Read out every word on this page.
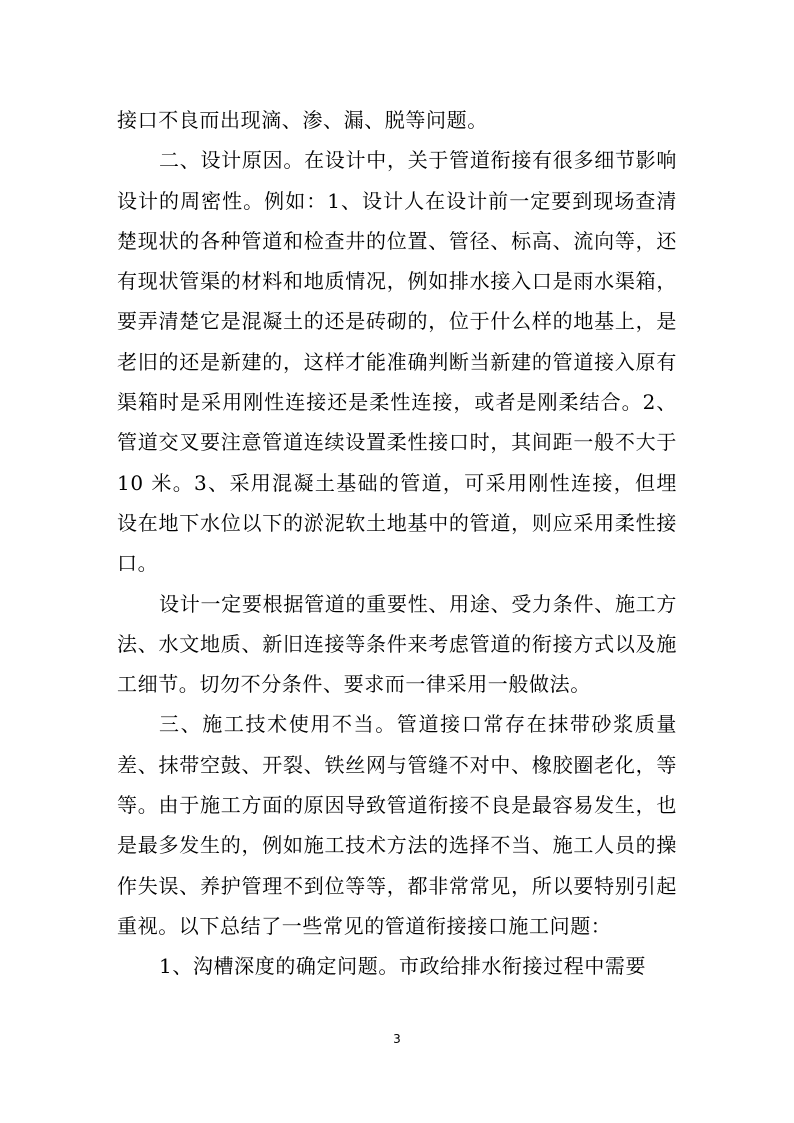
接口不良而出现滴、渗、漏、脱等问题。

二、设计原因。在设计中，关于管道衔接有很多细节影响设计的周密性。例如：1、设计人在设计前一定要到现场查清楚现状的各种管道和检查井的位置、管径、标高、流向等，还有现状管渠的材料和地质情况，例如排水接入口是雨水渠箱，要弄清楚它是混凝土的还是砖砌的，位于什么样的地基上，是老旧的还是新建的，这样才能准确判断当新建的管道接入原有渠箱时是采用刚性连接还是柔性连接，或者是刚柔结合。2、管道交叉要注意管道连续设置柔性接口时，其间距一般不大于 10 米。3、采用混凝土基础的管道，可采用刚性连接，但埋设在地下水位以下的淤泥软土地基中的管道，则应采用柔性接口。

设计一定要根据管道的重要性、用途、受力条件、施工方法、水文地质、新旧连接等条件来考虑管道的衔接方式以及施工细节。切勿不分条件、要求而一律采用一般做法。

三、施工技术使用不当。管道接口常存在抹带砂浆质量差、抹带空鼓、开裂、铁丝网与管缝不对中、橡胶圈老化，等等。由于施工方面的原因导致管道衔接不良是最容易发生，也是最多发生的，例如施工技术方法的选择不当、施工人员的操作失误、养护管理不到位等等，都非常常见，所以要特别引起重视。以下总结了一些常见的管道衔接接口施工问题：

1、沟槽深度的确定问题。市政给排水衔接过程中需要

3
